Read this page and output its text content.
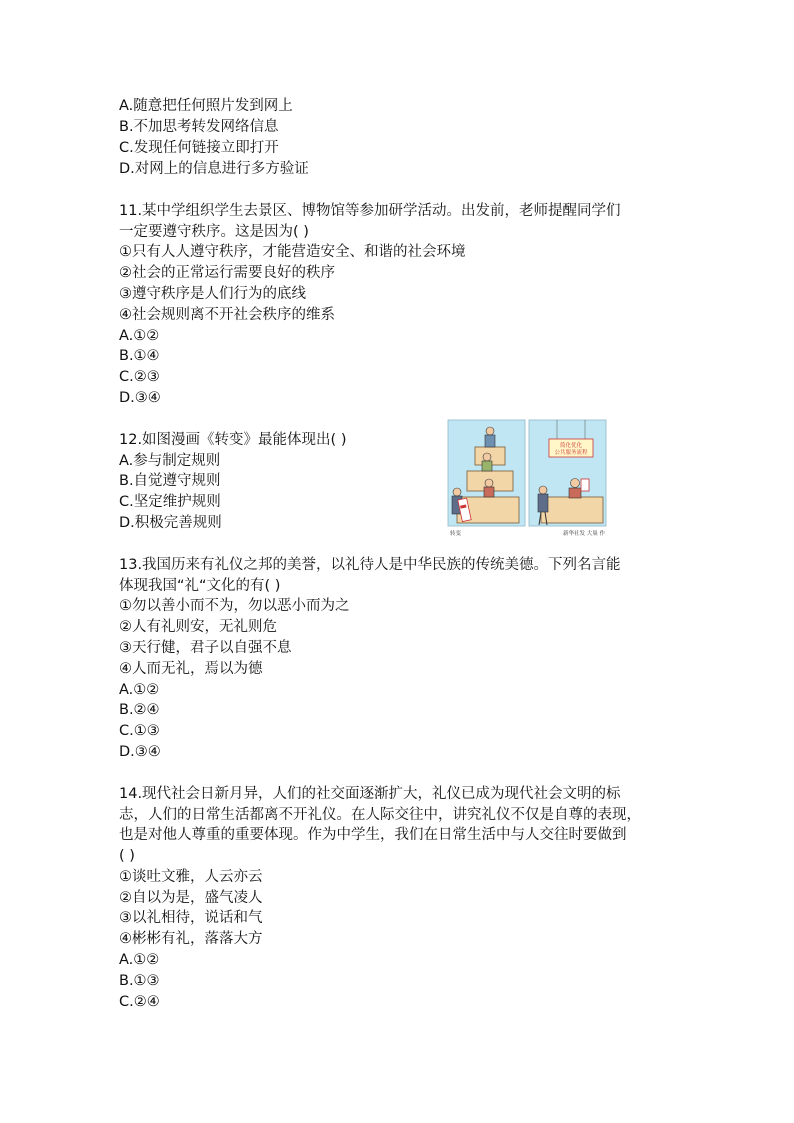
A.随意把任何照片发到网上
B.不加思考转发网络信息
C.发现任何链接立即打开
D.对网上的信息进行多方验证
11.某中学组织学生去景区、博物馆等参加研学活动。出发前，老师提醒同学们
一定要遵守秩序。这是因为( )
①只有人人遵守秩序，才能营造安全、和谐的社会环境
②社会的正常运行需要良好的秩序
③遵守秩序是人们行为的底线
④社会规则离不开社会秩序的维系
A.①②
B.①④
C.②③
D.③④
12.如图漫画《转变》最能体现出( )
A.参与制定规则
B.自觉遵守规则
C.坚定维护规则
D.积极完善规则
简化优化
公共服务流程
转变	新华社发 大巢 作
13.我国历来有礼仪之邦的美誉，以礼待人是中华民族的传统美德。下列名言能
体现我国“礼“文化的有( )
①勿以善小而不为，勿以恶小而为之
②人有礼则安，无礼则危
③天行健，君子以自强不息
④人而无礼，焉以为德
A.①②
B.②④
C.①③
D.③④
14.现代社会日新月异，人们的社交面逐渐扩大，礼仪已成为现代社会文明的标
志，人们的日常生活都离不开礼仪。在人际交往中，讲究礼仪不仅是自尊的表现，
也是对他人尊重的重要体现。作为中学生，我们在日常生活中与人交往时要做到
( )
①谈吐文雅，人云亦云
②自以为是，盛气凌人
③以礼相待，说话和气
④彬彬有礼，落落大方
A.①②
B.①③
C.②④
